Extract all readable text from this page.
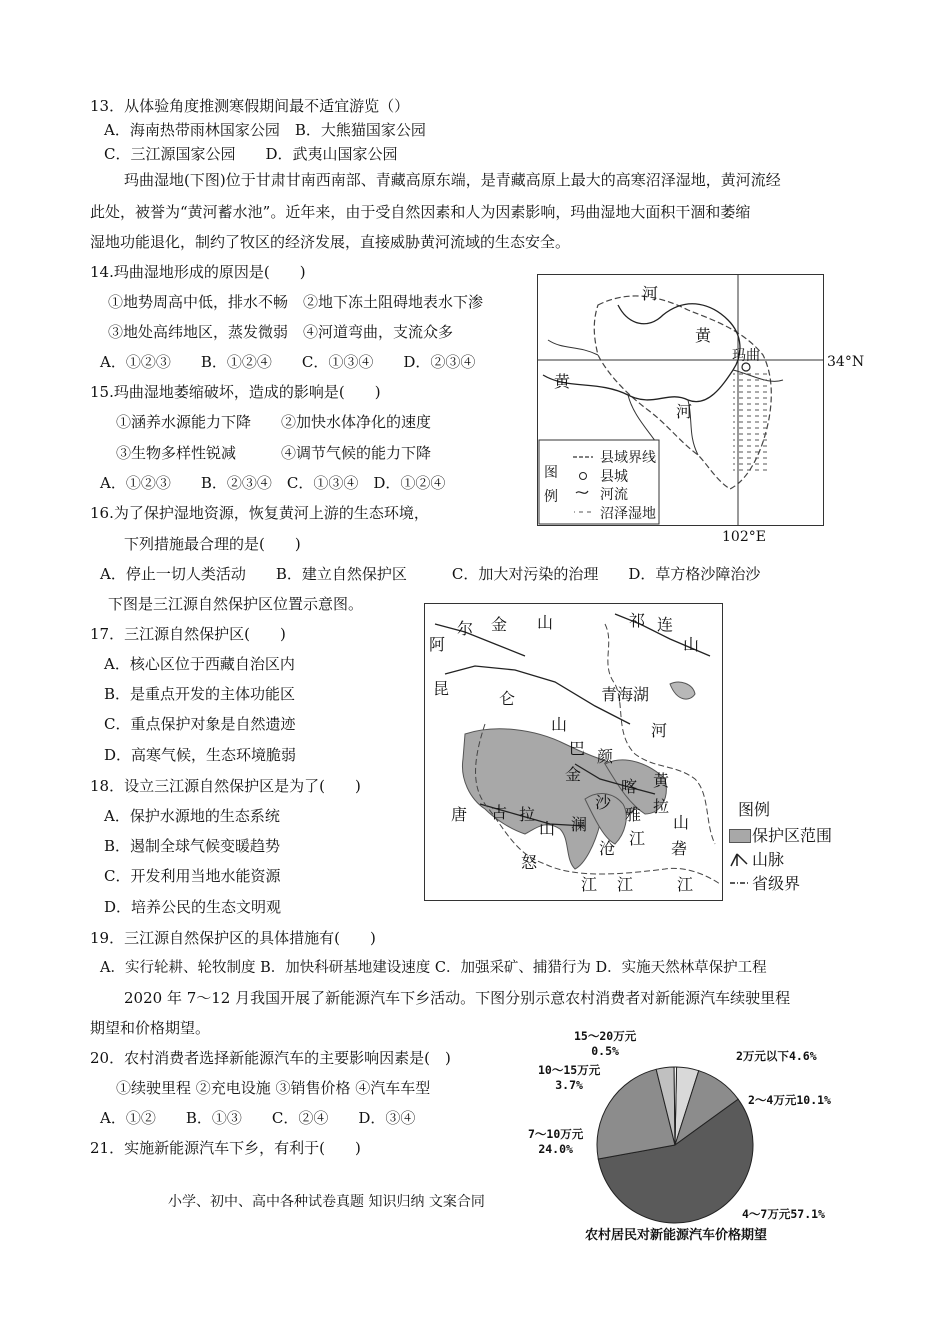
13．从体验角度推测寒假期间最不适宜游览（）
A．海南热带雨林国家公园　B．大熊猫国家公园
C．三江源国家公园　　D．武夷山国家公园
玛曲湿地(下图)位于甘肃甘南西南部、青藏高原东端，是青藏高原上最大的高寒沼泽湿地，黄河流经
此处，被誉为“黄河蓄水池”。近年来，由于受自然因素和人为因素影响，玛曲湿地大面积干涸和萎缩
湿地功能退化，制约了牧区的经济发展，直接威胁黄河流域的生态安全。
14.玛曲湿地形成的原因是(　　)
①地势周高中低，排水不畅　②地下冻土阻碍地表水下渗
③地处高纬地区，蒸发微弱　④河道弯曲，支流众多
A．①②③　　B．①②④　　C．①③④　　D．②③④
15.玛曲湿地萎缩破坏，造成的影响是(　　)
①涵养水源能力下降　　②加快水体净化的速度
③生物多样性锐减　　　④调节气候的能力下降
A．①②③　　B．②③④　C．①③④　D．①②④
16.为了保护湿地资源，恢复黄河上游的生态环境，
下列措施最合理的是(　　)
A．停止一切人类活动　　B．建立自然保护区　　　C．加大对污染的治理　　D．草方格沙障治沙
河
黄
黄
河
玛曲
图例
县域界线
县城
河流
沼泽湿地
34°N
102°E
下图是三江源自然保护区位置示意图。
17．三江源自然保护区(　　)
A．核心区位于西藏自治区内
B．是重点开发的主体功能区
C．重点保护对象是自然遗迹
D．高寒气候，生态环境脆弱
18．设立三江源自然保护区是为了(　　)
A．保护水源地的生态系统
B．遏制全球气候变暖趋势
C．开发利用当地水能资源
D．培养公民的生态文明观
阿
尔 金 山	祁 连
山
昆
仑
山
青海湖
河
巴 颜
金
喀 黄
唐 古 拉
山
沙	拉
澜
雅 山
怒
沧
江
砻
江
江 江
图例
保护区范围
山脉
省级界
19．三江源自然保护区的具体措施有(　　)
A．实行轮耕、轮牧制度 B．加快科研基地建设速度 C．加强采矿、捕猎行为 D．实施天然林草保护工程
2020 年 7～12 月我国开展了新能源汽车下乡活动。下图分别示意农村消费者对新能源汽车续驶里程
期望和价格期望。
20．农村消费者选择新能源汽车的主要影响因素是(　)
①续驶里程 ②充电设施 ③销售价格 ④汽车车型
A．①②　　B．①③　　C．②④　　D．③④
21．实施新能源汽车下乡，有利于(　　)
小学、初中、高中各种试卷真题 知识归纳 文案合同
15～20万元
0.5%
10～15万元
3.7%
7～10万元
24.0%
2万元以下4.6%
2～4万元10.1%
4～7万元57.1%
农村居民对新能源汽车价格期望
